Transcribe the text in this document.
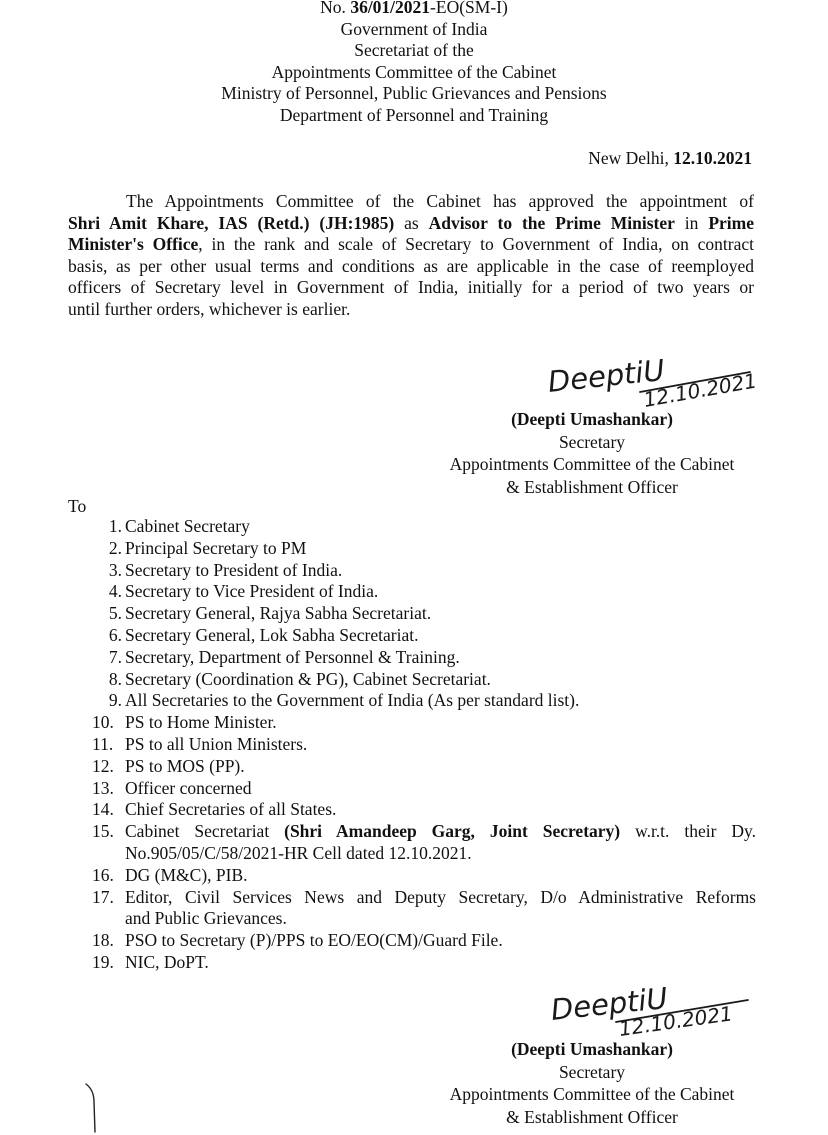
No. 36/01/2021-EO(SM-I)
Government of India
Secretariat of the
Appointments Committee of the Cabinet
Ministry of Personnel, Public Grievances and Pensions
Department of Personnel and Training
New Delhi, 12.10.2021
The Appointments Committee of the Cabinet has approved the appointment of
Shri Amit Khare, IAS (Retd.) (JH:1985) as Advisor to the Prime Minister in Prime
Minister's Office, in the rank and scale of Secretary to Government of India, on contract
basis, as per other usual terms and conditions as are applicable in the case of reemployed
officers of Secretary level in Government of India, initially for a period of two years or
until further orders, whichever is earlier.
DeeptiU
12.10.2021
(Deepti Umashankar)
Secretary
Appointments Committee of the Cabinet
& Establishment Officer
To
1. Cabinet Secretary
2. Principal Secretary to PM
3. Secretary to President of India.
4. Secretary to Vice President of India.
5. Secretary General, Rajya Sabha Secretariat.
6. Secretary General, Lok Sabha Secretariat.
7. Secretary, Department of Personnel & Training.
8. Secretary (Coordination & PG), Cabinet Secretariat.
9. All Secretaries to the Government of India (As per standard list).
10. PS to Home Minister.
11. PS to all Union Ministers.
12. PS to MOS (PP).
13. Officer concerned
14. Chief Secretaries of all States.
15. Cabinet Secretariat (Shri Amandeep Garg, Joint Secretary) w.r.t. their Dy.
No.905/05/C/58/2021-HR Cell dated 12.10.2021.
16. DG (M&C), PIB.
17. Editor, Civil Services News and Deputy Secretary, D/o Administrative Reforms
and Public Grievances.
18. PSO to Secretary (P)/PPS to EO/EO(CM)/Guard File.
19. NIC, DoPT.
DeeptiU
12.10.2021
(Deepti Umashankar)
Secretary
Appointments Committee of the Cabinet
& Establishment Officer
